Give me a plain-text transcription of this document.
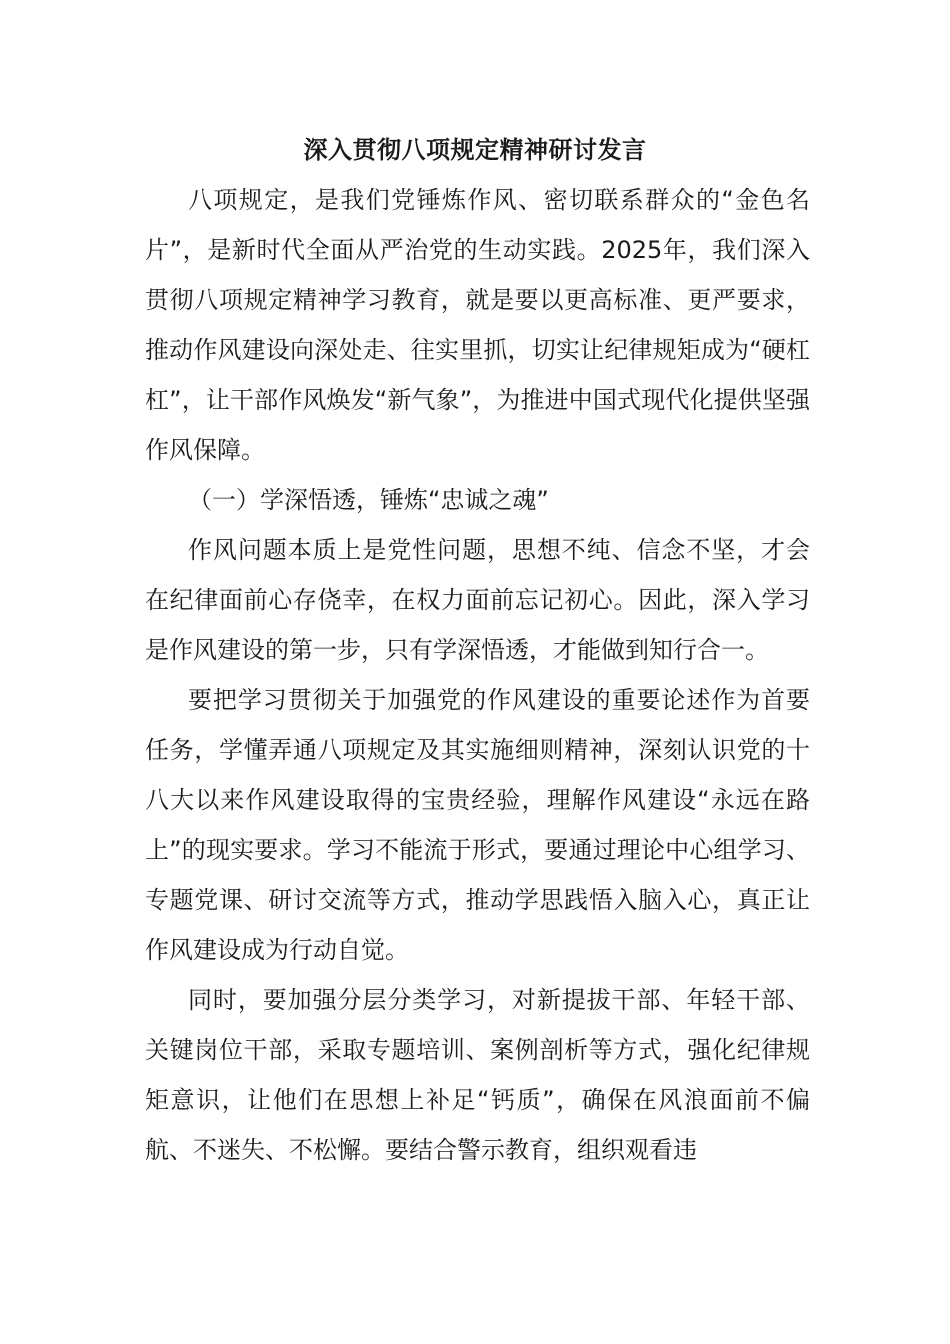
深入贯彻八项规定精神研讨发言

八项规定，是我们党锤炼作风、密切联系群众的“金色名片”，是新时代全面从严治党的生动实践。2025年，我们深入贯彻八项规定精神学习教育，就是要以更高标准、更严要求，推动作风建设向深处走、往实里抓，切实让纪律规矩成为“硬杠杠”，让干部作风焕发“新气象”，为推进中国式现代化提供坚强作风保障。

（一）学深悟透，锤炼“忠诚之魂”

作风问题本质上是党性问题，思想不纯、信念不坚，才会在纪律面前心存侥幸，在权力面前忘记初心。因此，深入学习是作风建设的第一步，只有学深悟透，才能做到知行合一。

要把学习贯彻关于加强党的作风建设的重要论述作为首要任务，学懂弄通八项规定及其实施细则精神，深刻认识党的十八大以来作风建设取得的宝贵经验，理解作风建设“永远在路上”的现实要求。学习不能流于形式，要通过理论中心组学习、专题党课、研讨交流等方式，推动学思践悟入脑入心，真正让作风建设成为行动自觉。

同时，要加强分层分类学习，对新提拔干部、年轻干部、关键岗位干部，采取专题培训、案例剖析等方式，强化纪律规矩意识，让他们在思想上补足“钙质”，确保在风浪面前不偏航、不迷失、不松懈。要结合警示教育，组织观看违
